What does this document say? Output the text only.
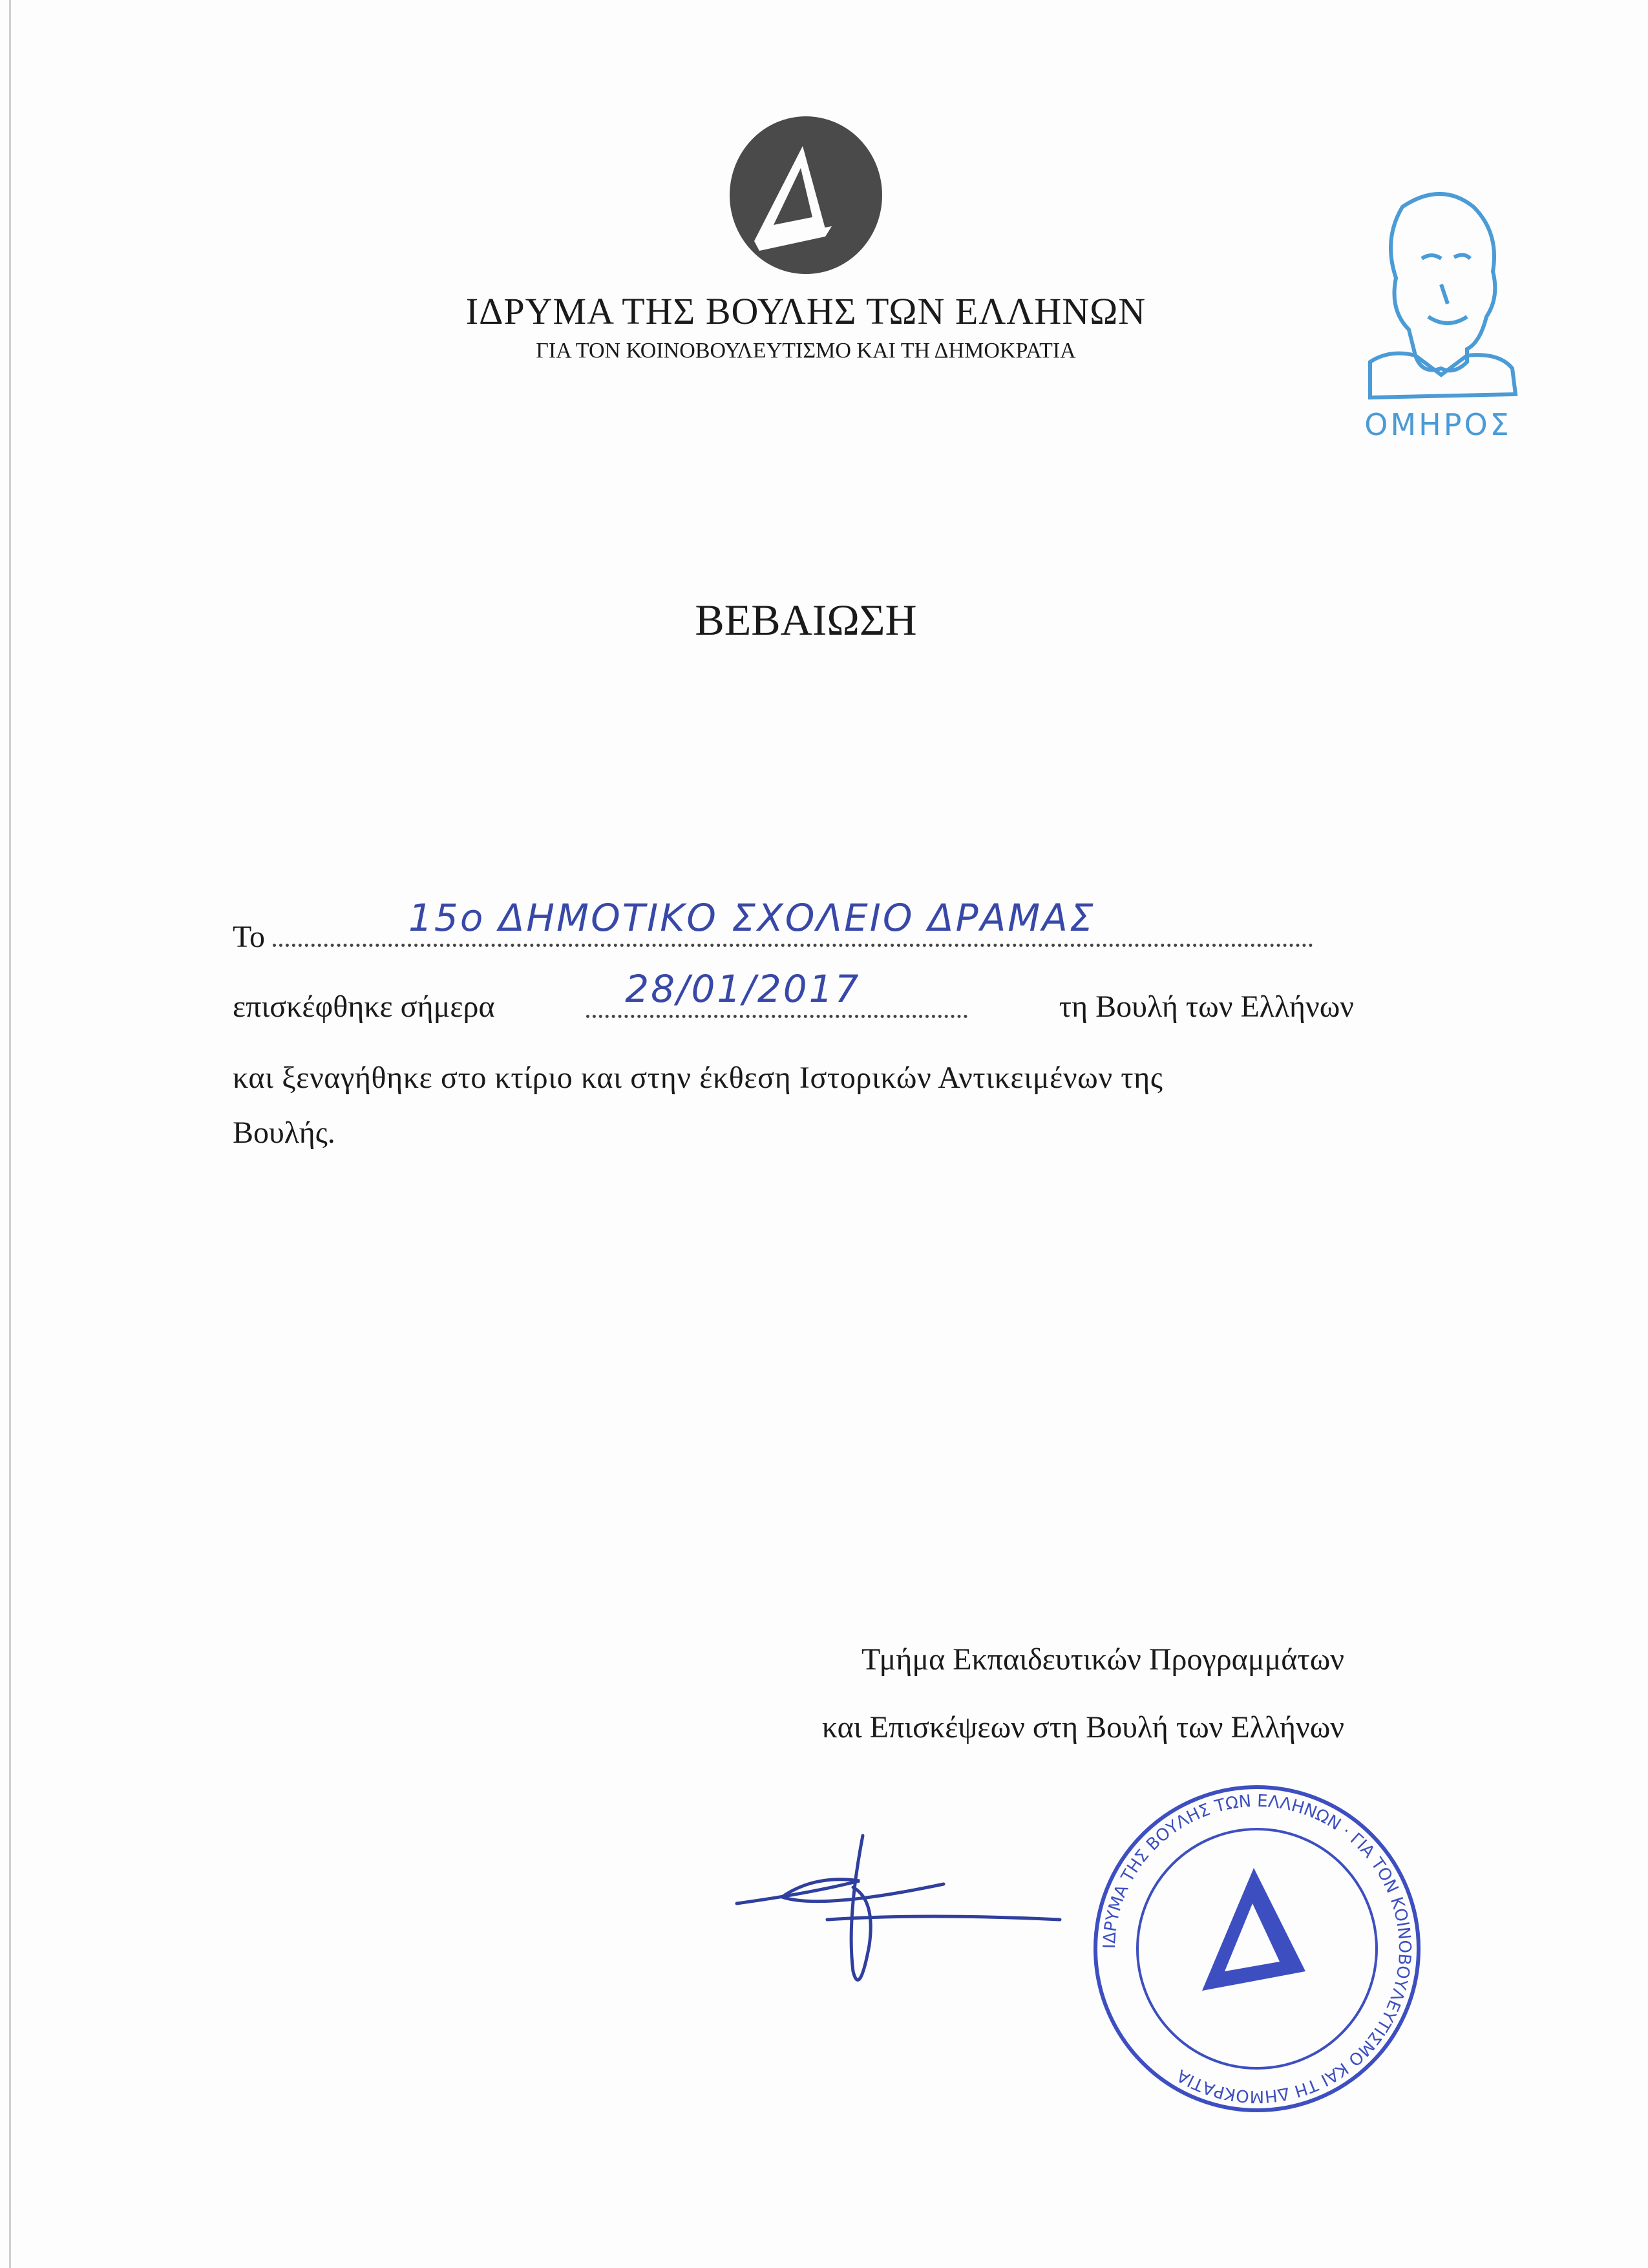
ΙΔΡΥΜΑ ΤΗΣ ΒΟΥΛΗΣ ΤΩΝ ΕΛΛΗΝΩΝ
ΓΙΑ ΤΟΝ ΚΟΙΝΟΒΟΥΛΕΥΤΙΣΜΟ ΚΑΙ ΤΗ ΔΗΜΟΚΡΑΤΙΑ
ΟΜΗΡΟΣ
ΒΕΒΑΙΩΣΗ
Το	15ο ΔΗΜΟΤΙΚΟ ΣΧΟΛΕΙΟ ΔΡΑΜΑΣ
επισκέφθηκε σήμερα	28/01/2017	τη Βουλή των Ελλήνων
και ξεναγήθηκε στο κτίριο και στην έκθεση Ιστορικών Αντικειμένων της
Βουλής.
Τμήμα Εκπαιδευτικών Προγραμμάτων
και Επισκέψεων στη Βουλή των Ελλήνων
ΙΔΡΥΜΑ ΤΗΣ ΒΟΥΛΗΣ ΤΩΝ ΕΛΛΗΝΩΝ · ΓΙΑ ΤΟΝ ΚΟΙΝΟΒΟΥΛΕΥΤΙΣΜΟ ΚΑΙ ΤΗ ΔΗΜΟΚΡΑΤΙΑ
